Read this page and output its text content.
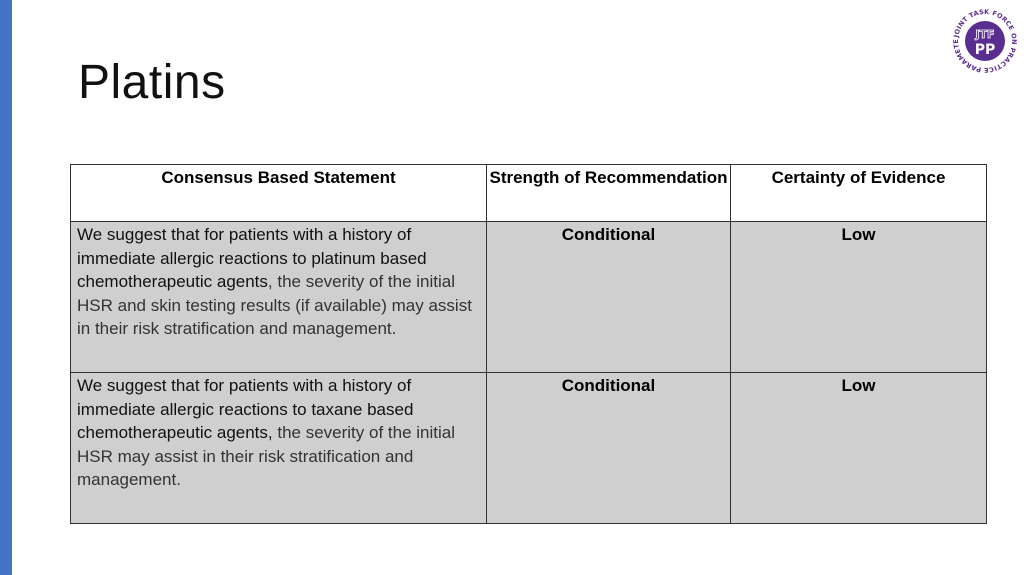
Platins
JOINT TASK FORCE ON PRACTICE PARAMETE
JTF
PP
Consensus Based Statement	Strength of Recommendation	Certainty of Evidence
We suggest that for patients with a history of immediate allergic reactions to platinum based chemotherapeutic agents, the severity of the initial HSR and skin testing results (if available) may assist in their risk stratification and management.	Conditional	Low
We suggest that for patients with a history of immediate allergic reactions to taxane based chemotherapeutic agents, the severity of the initial HSR may assist in their risk stratification and management.	Conditional	Low
